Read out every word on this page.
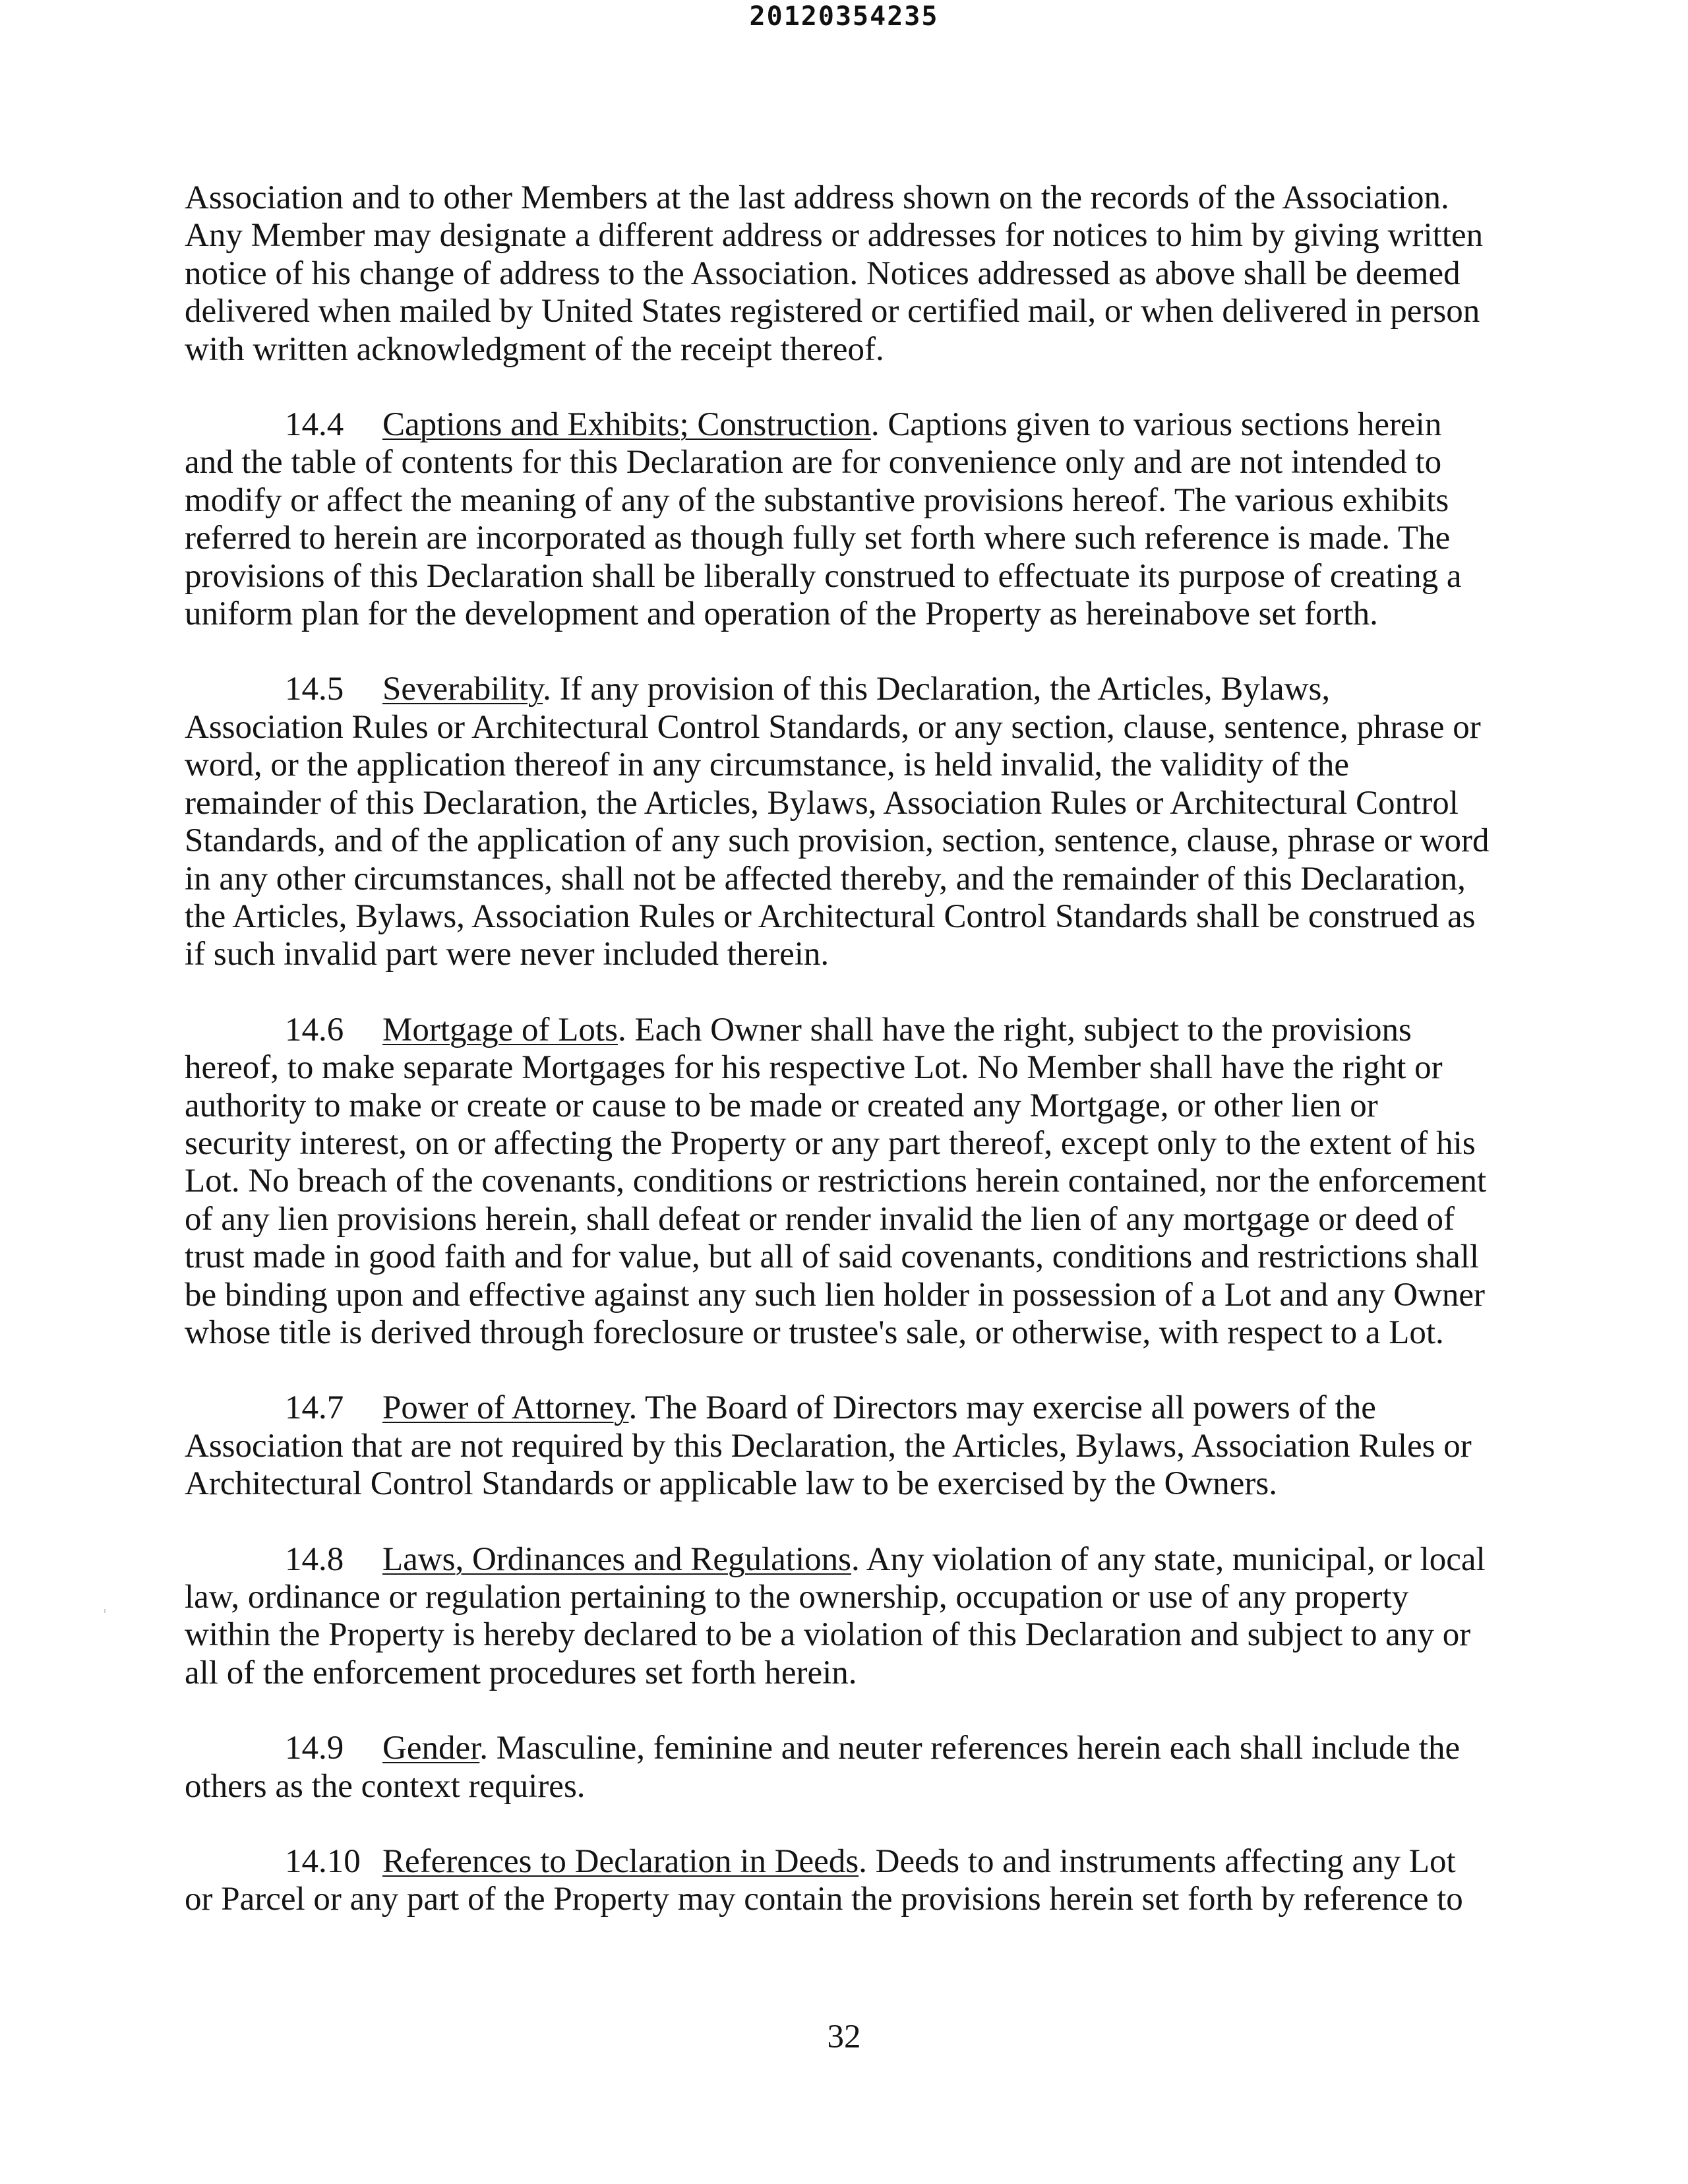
20120354235

Association and to other Members at the last address shown on the records of the Association. Any Member may designate a different address or addresses for notices to him by giving written notice of his change of address to the Association. Notices addressed as above shall be deemed delivered when mailed by United States registered or certified mail, or when delivered in person with written acknowledgment of the receipt thereof.

14.4 Captions and Exhibits; Construction. Captions given to various sections herein and the table of contents for this Declaration are for convenience only and are not intended to modify or affect the meaning of any of the substantive provisions hereof. The various exhibits referred to herein are incorporated as though fully set forth where such reference is made. The provisions of this Declaration shall be liberally construed to effectuate its purpose of creating a uniform plan for the development and operation of the Property as hereinabove set forth.

14.5 Severability. If any provision of this Declaration, the Articles, Bylaws, Association Rules or Architectural Control Standards, or any section, clause, sentence, phrase or word, or the application thereof in any circumstance, is held invalid, the validity of the remainder of this Declaration, the Articles, Bylaws, Association Rules or Architectural Control Standards, and of the application of any such provision, section, sentence, clause, phrase or word in any other circumstances, shall not be affected thereby, and the remainder of this Declaration, the Articles, Bylaws, Association Rules or Architectural Control Standards shall be construed as if such invalid part were never included therein.

14.6 Mortgage of Lots. Each Owner shall have the right, subject to the provisions hereof, to make separate Mortgages for his respective Lot. No Member shall have the right or authority to make or create or cause to be made or created any Mortgage, or other lien or security interest, on or affecting the Property or any part thereof, except only to the extent of his Lot. No breach of the covenants, conditions or restrictions herein contained, nor the enforcement of any lien provisions herein, shall defeat or render invalid the lien of any mortgage or deed of trust made in good faith and for value, but all of said covenants, conditions and restrictions shall be binding upon and effective against any such lien holder in possession of a Lot and any Owner whose title is derived through foreclosure or trustee's sale, or otherwise, with respect to a Lot.

14.7 Power of Attorney. The Board of Directors may exercise all powers of the Association that are not required by this Declaration, the Articles, Bylaws, Association Rules or Architectural Control Standards or applicable law to be exercised by the Owners.

14.8 Laws, Ordinances and Regulations. Any violation of any state, municipal, or local law, ordinance or regulation pertaining to the ownership, occupation or use of any property within the Property is hereby declared to be a violation of this Declaration and subject to any or all of the enforcement procedures set forth herein.

14.9 Gender. Masculine, feminine and neuter references herein each shall include the others as the context requires.

14.10 References to Declaration in Deeds. Deeds to and instruments affecting any Lot or Parcel or any part of the Property may contain the provisions herein set forth by reference to

32
